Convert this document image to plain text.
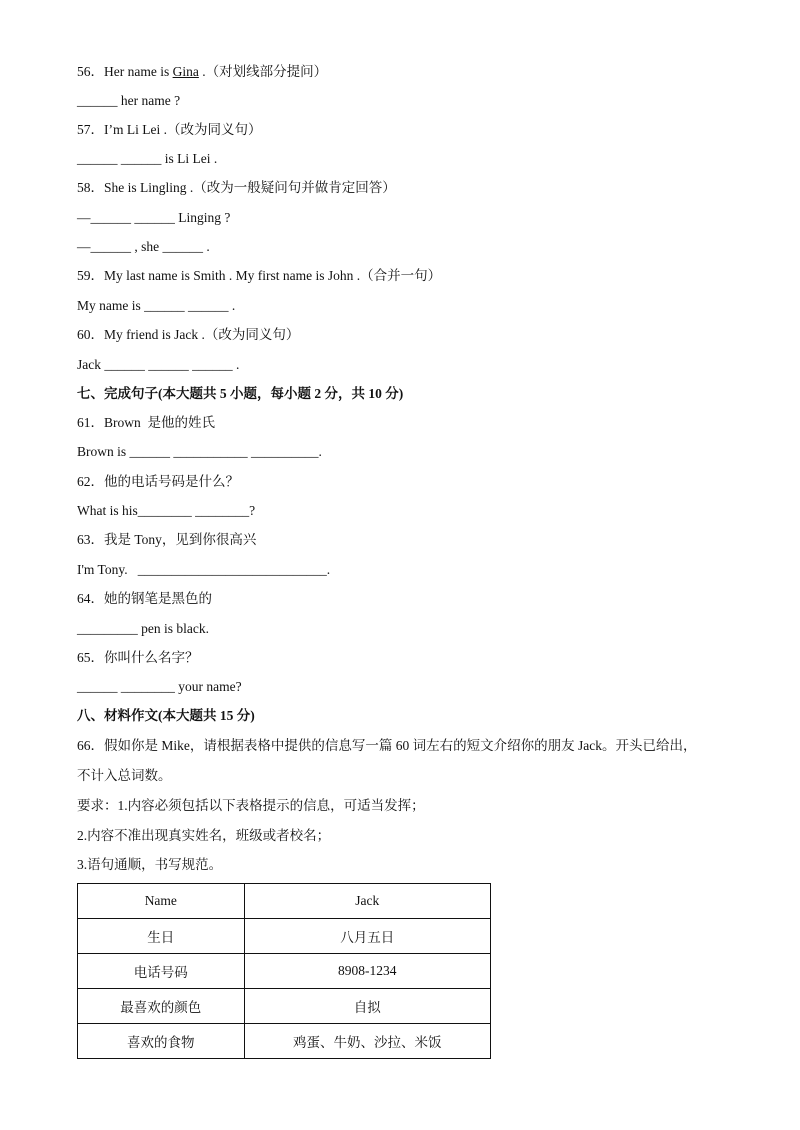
56．Her name is Gina .（对划线部分提问）
______ her name ?
57．I’m Li Lei .（改为同义句）
______ ______ is Li Lei .
58．She is Lingling .（改为一般疑问句并做肯定回答）
—______ ______ Linging ?
—______ , she ______ .
59．My last name is Smith . My first name is John .（合并一句）
My name is ______ ______ .
60．My friend is Jack .（改为同义句）
Jack ______ ______ ______ .
七、完成句子(本大题共 5 小题，每小题 2 分，共 10 分)
61．Brown  是他的姓氏
Brown is ______ ___________ __________.
62．他的电话号码是什么？
What is his________ ________?
63．我是 Tony，见到你很高兴
I'm Tony.   ____________________________.
64．她的钢笔是黑色的
_________ pen is black.
65．你叫什么名字？
______ ________ your name?
八、材料作文(本大题共 15 分)
66．假如你是 Mike，请根据表格中提供的信息写一篇 60 词左右的短文介绍你的朋友 Jack。开头已给出，
不计入总词数。
要求：1.内容必须包括以下表格提示的信息，可适当发挥；
2.内容不准出现真实姓名，班级或者校名；
3.语句通顺，书写规范。
Name	Jack
生日	八月五日
电话号码	8908-1234
最喜欢的颜色	自拟
喜欢的食物	鸡蛋、牛奶、沙拉、米饭
